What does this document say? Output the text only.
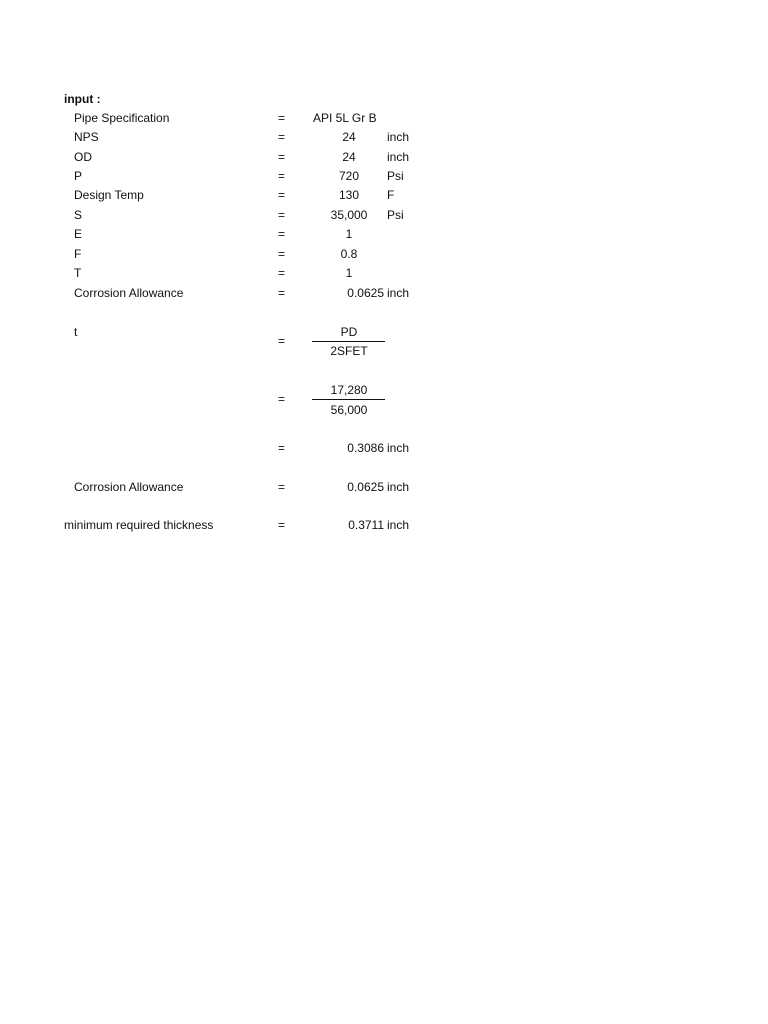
input :
Pipe Specification	= API 5L Gr B
NPS	=	24	inch
OD	=	24	inch
P	=	720	Psi
Design Temp	=	130	F
S	=	35,000	Psi
E	=	1
F	=	0.8
T	=	1
Corrosion Allowance	=	0.0625 inch
t
=
PD
2SFET
=
17,280
56,000
=	0.3086 inch
Corrosion Allowance	=	0.0625 inch
minimum required thickness	=	0.3711 inch
